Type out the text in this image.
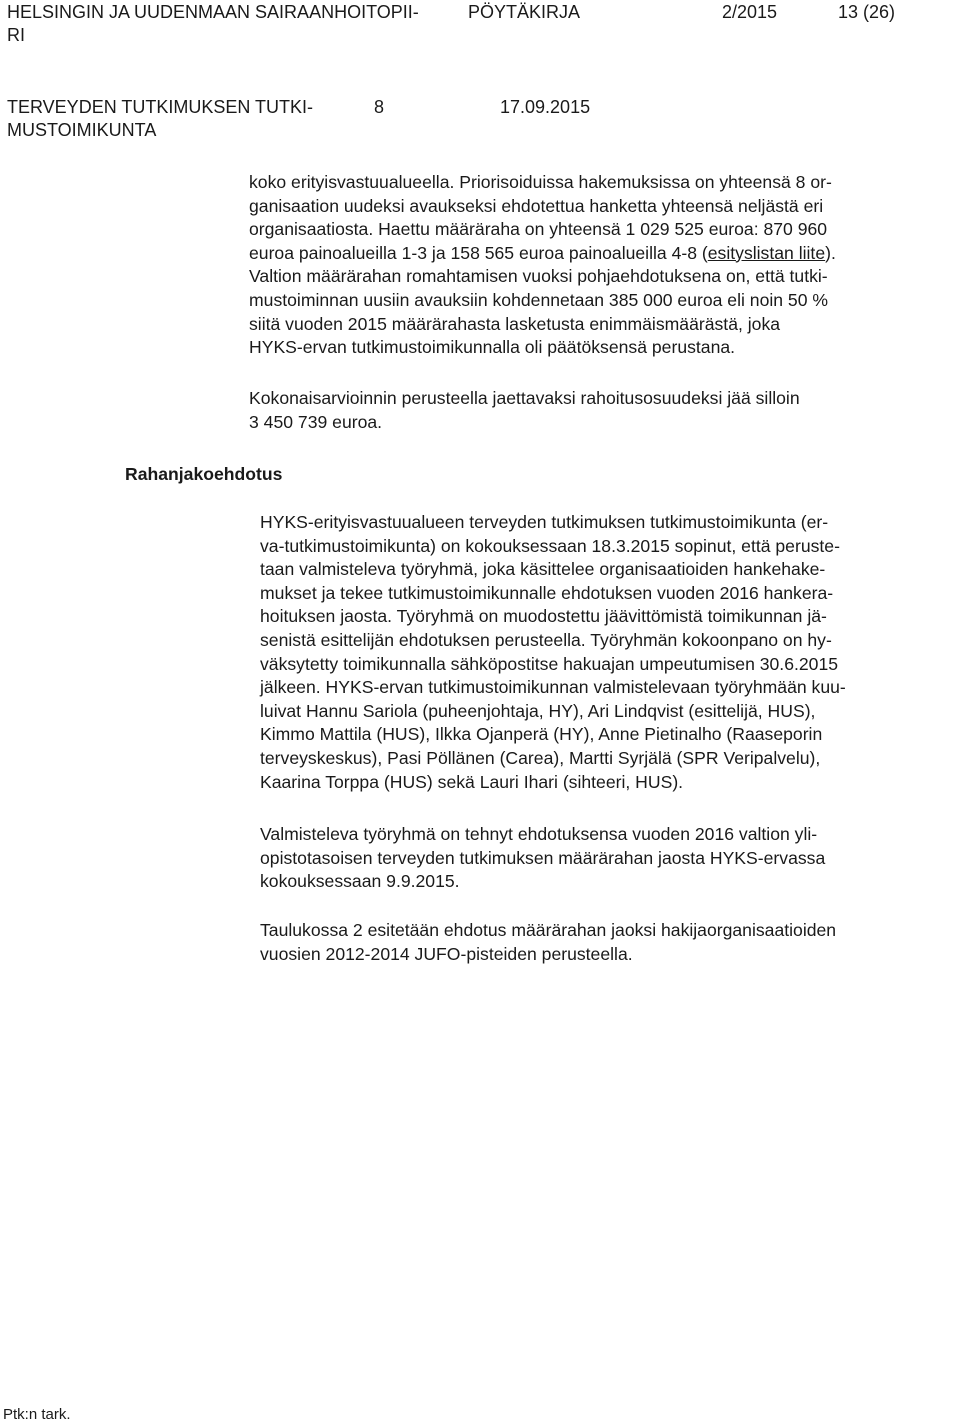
HELSINGIN JA UUDENMAAN SAIRAANHOITOPII-
RI
PÖYTÄKIRJA	2/2015	13 (26)
TERVEYDEN TUTKIMUKSEN TUTKI-
MUSTOIMIKUNTA
8	17.09.2015
koko erityisvastuualueella. Priorisoiduissa hakemuksissa on yhteensä 8 or-
ganisaation uudeksi avaukseksi ehdotettua hanketta yhteensä neljästä eri
organisaatiosta. Haettu määräraha on yhteensä 1 029 525 euroa: 870 960
euroa painoalueilla 1-3 ja 158 565 euroa painoalueilla 4-8 (esityslistan liite).
Valtion määrärahan romahtamisen vuoksi pohjaehdotuksena on, että tutki-
mustoiminnan uusiin avauksiin kohdennetaan 385 000 euroa eli noin 50 %
siitä vuoden 2015 määrärahasta lasketusta enimmäismäärästä, joka
HYKS-ervan tutkimustoimikunnalla oli päätöksensä perustana.
Kokonaisarvioinnin perusteella jaettavaksi rahoitusosuudeksi jää silloin
3 450 739 euroa.
Rahanjakoehdotus
HYKS-erityisvastuualueen terveyden tutkimuksen tutkimustoimikunta (er-
va-tutkimustoimikunta) on kokouksessaan 18.3.2015 sopinut, että peruste-
taan valmisteleva työryhmä, joka käsittelee organisaatioiden hankehake-
mukset ja tekee tutkimustoimikunnalle ehdotuksen vuoden 2016 hankera-
hoituksen jaosta. Työryhmä on muodostettu jäävittömistä toimikunnan jä-
senistä esittelijän ehdotuksen perusteella. Työryhmän kokoonpano on hy-
väksytetty toimikunnalla sähköpostitse hakuajan umpeutumisen 30.6.2015
jälkeen. HYKS-ervan tutkimustoimikunnan valmistelevaan työryhmään kuu-
luivat Hannu Sariola (puheenjohtaja, HY), Ari Lindqvist (esittelijä, HUS),
Kimmo Mattila (HUS), Ilkka Ojanperä (HY), Anne Pietinalho (Raaseporin
terveyskeskus), Pasi Pöllänen (Carea), Martti Syrjälä (SPR Veripalvelu),
Kaarina Torppa (HUS) sekä Lauri Ihari (sihteeri, HUS).
Valmisteleva työryhmä on tehnyt ehdotuksensa vuoden 2016 valtion yli-
opistotasoisen terveyden tutkimuksen määrärahan jaosta HYKS-ervassa
kokouksessaan 9.9.2015.
Taulukossa 2 esitetään ehdotus määrärahan jaoksi hakijaorganisaatioiden
vuosien 2012-2014 JUFO-pisteiden perusteella.
Ptk:n tark.
